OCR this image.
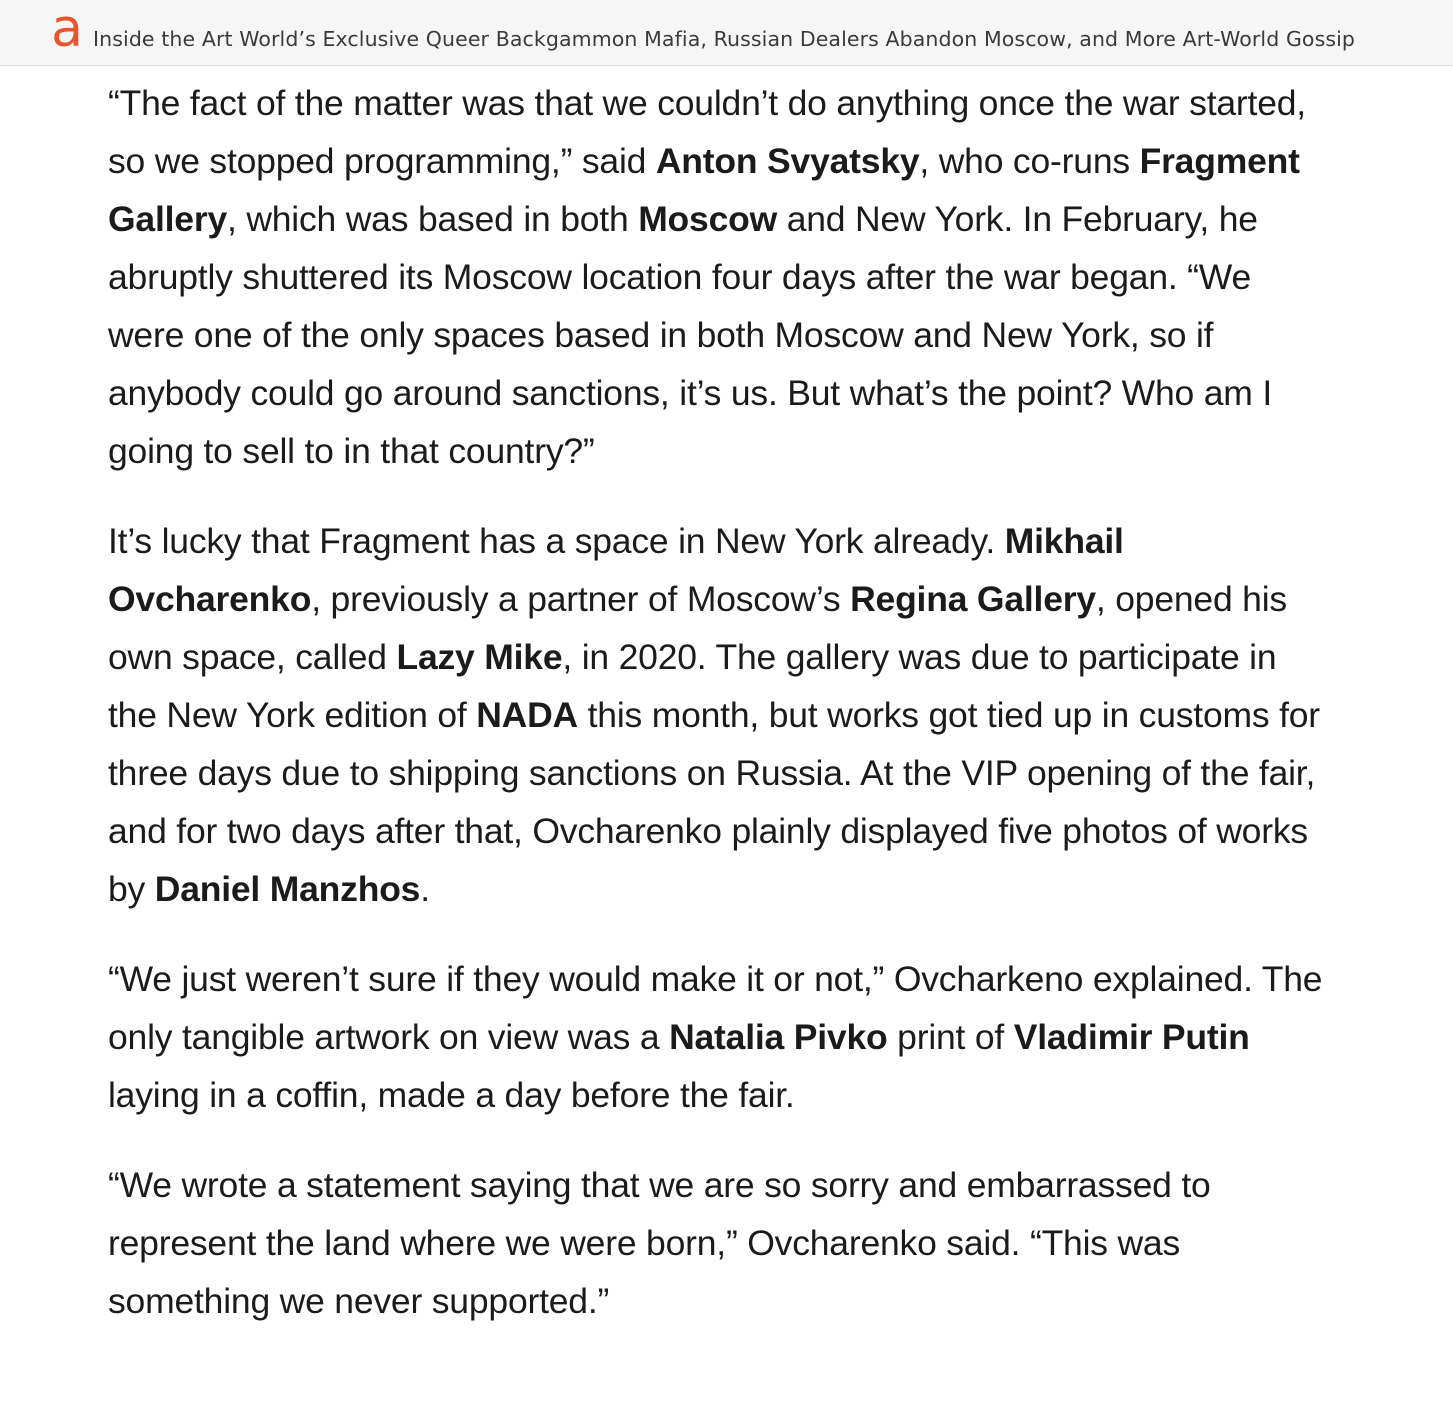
a Inside the Art World’s Exclusive Queer Backgammon Mafia, Russian Dealers Abandon Moscow, and More Art-World Gossip

“The fact of the matter was that we couldn’t do anything once the war started, so we stopped programming,” said Anton Svyatsky, who co-runs Fragment Gallery, which was based in both Moscow and New York. In February, he abruptly shuttered its Moscow location four days after the war began. “We were one of the only spaces based in both Moscow and New York, so if anybody could go around sanctions, it’s us. But what’s the point? Who am I going to sell to in that country?”

It’s lucky that Fragment has a space in New York already. Mikhail Ovcharenko, previously a partner of Moscow’s Regina Gallery, opened his own space, called Lazy Mike, in 2020. The gallery was due to participate in the New York edition of NADA this month, but works got tied up in customs for three days due to shipping sanctions on Russia. At the VIP opening of the fair, and for two days after that, Ovcharenko plainly displayed five photos of works by Daniel Manzhos.

“We just weren’t sure if they would make it or not,” Ovcharkeno explained. The only tangible artwork on view was a Natalia Pivko print of Vladimir Putin laying in a coffin, made a day before the fair.

“We wrote a statement saying that we are so sorry and embarrassed to represent the land where we were born,” Ovcharenko said. “This was something we never supported.”
